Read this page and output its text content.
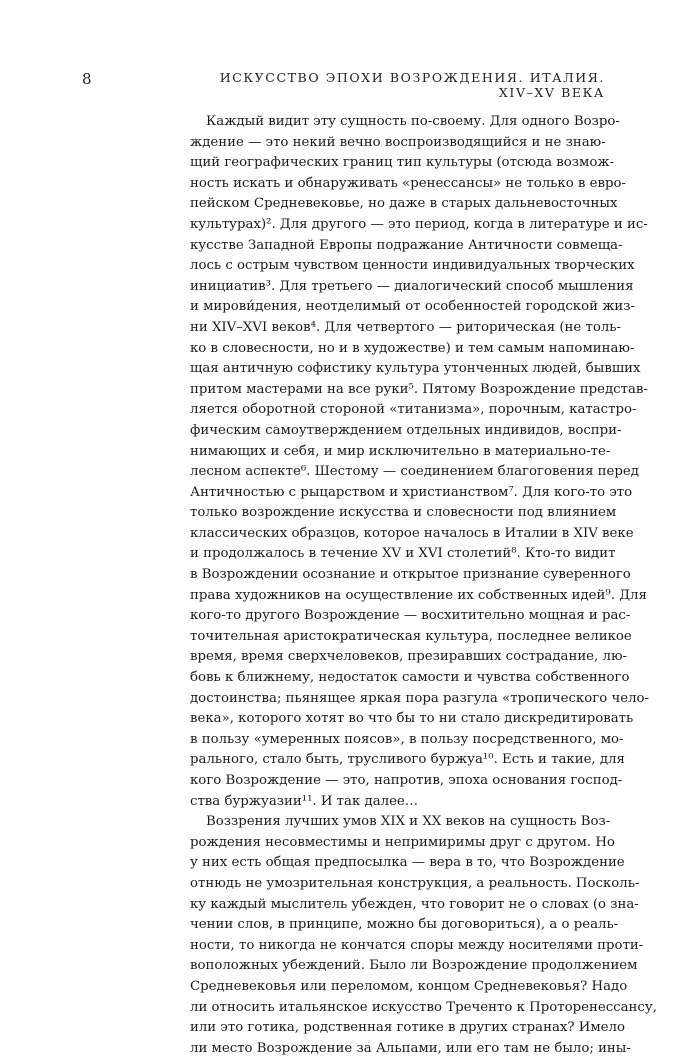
8	ИСКУССТВО ЭПОХИ ВОЗРОЖДЕНИЯ. ИТАЛИЯ. XIV–XV ВЕКА
Каждый видит эту сущность по-своему. Для одного Возро-
ждение — это некий вечно воспроизводящийся и не знаю-
щий географических границ тип культуры (отсюда возмож-
ность искать и обнаруживать «ренессансы» не только в евро-
пейском Средневековье, но даже в старых дальневосточных
культурах)². Для другого — это период, когда в литературе и ис-
кусстве Западной Европы подражание Античности совмеща-
лось с острым чувством ценности индивидуальных творческих
инициатив³. Для третьего — диалогический способ мышления
и мирови́дения, неотделимый от особенностей городской жиз-
ни XIV–XVI веков⁴. Для четвертого — риторическая (не толь-
ко в словесности, но и в художестве) и тем самым напоминаю-
щая античную софистику культура утонченных людей, бывших
притом мастерами на все руки⁵. Пятому Возрождение представ-
ляется оборотной стороной «титанизма», порочным, катастро-
фическим самоутверждением отдельных индивидов, воспри-
нимающих и себя, и мир исключительно в материально-те-
лесном аспекте⁶. Шестому — соединением благоговения перед
Античностью с рыцарством и христианством⁷. Для кого-то это
только возрождение искусства и словесности под влиянием
классических образцов, которое началось в Италии в XIV веке
и продолжалось в течение XV и XVI столетий⁸. Кто-то видит
в Возрождении осознание и открытое признание суверенного
права художников на осуществление их собственных идей⁹. Для
кого-то другого Возрождение — восхитительно мощная и рас-
точительная аристократическая культура, последнее великое
время, время сверхчеловеков, презиравших сострадание, лю-
бовь к ближнему, недостаток самости и чувства собственного
достоинства; пьянящее яркая пора разгула «тропического чело-
века», которого хотят во что бы то ни стало дискредитировать
в пользу «умеренных поясов», в пользу посредственного, мо-
рального, стало быть, трусливого буржуа¹⁰. Есть и такие, для
кого Возрождение — это, напротив, эпоха основания господ-
ства буржуазии¹¹. И так далее…
Воззрения лучших умов XIX и XX веков на сущность Воз-
рождения несовместимы и непримиримы друг с другом. Но
у них есть общая предпосылка — вера в то, что Возрождение
отнюдь не умозрительная конструкция, а реальность. Посколь-
ку каждый мыслитель убежден, что говорит не о словах (о зна-
чении слов, в принципе, можно бы договориться), а о реаль-
ности, то никогда не кончатся споры между носителями проти-
воположных убеждений. Было ли Возрождение продолжением
Средневековья или переломом, концом Средневековья? Надо
ли относить итальянское искусство Треченто к Проторенессансу,
или это готика, родственная готике в других странах? Имело
ли место Возрождение за Альпами, или его там не было; ины-
